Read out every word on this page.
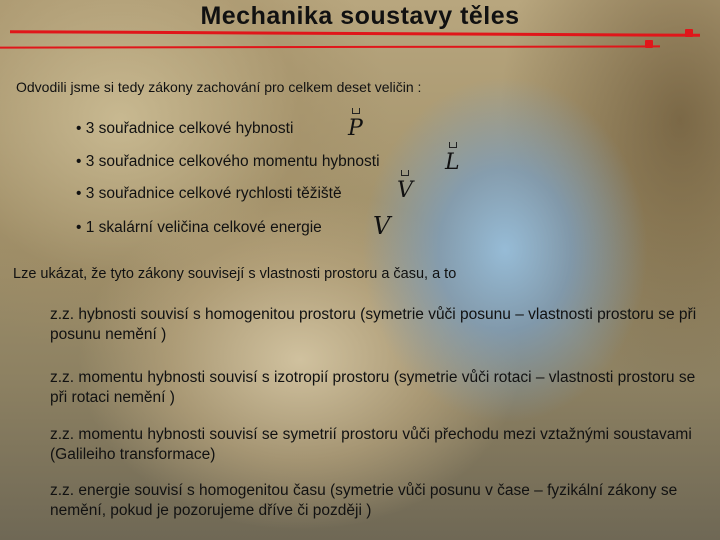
Mechanika soustavy těles
Odvodili jsme si tedy zákony zachování pro celkem deset veličin :
• 3 souřadnice celkové hybnosti P
• 3 souřadnice celkového momentu hybnosti	L
• 3 souřadnice celkové rychlosti těžiště	V
• 1 skalární veličina celkové energie V
Lze ukázat, že tyto zákony souvisejí s vlastnosti prostoru a času, a to
z.z. hybnosti souvisí s homogenitou prostoru (symetrie vůči posunu – vlastnosti prostoru se při posunu nemění )
z.z. momentu hybnosti souvisí s izotropií prostoru (symetrie vůči rotaci – vlastnosti prostoru se při rotaci nemění )
z.z. momentu hybnosti souvisí se symetrií prostoru vůči přechodu mezi vztažnými soustavami (Galileiho transformace)
z.z. energie souvisí s homogenitou času (symetrie vůči posunu v čase – fyzikální zákony se nemění, pokud je pozorujeme dříve či později )
